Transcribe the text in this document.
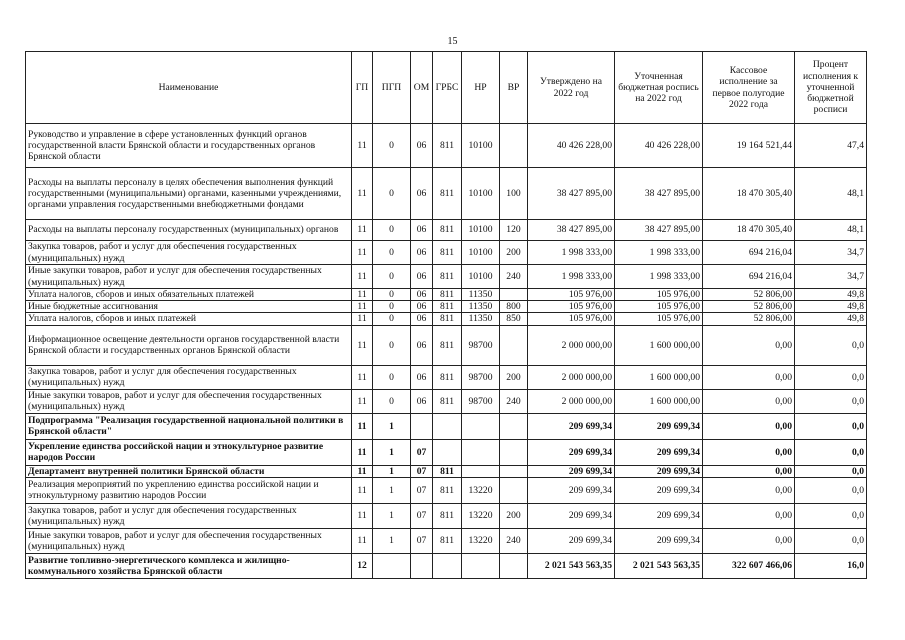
15
Наименование	ГП	ПГП	ОМ	ГРБС	НР	ВР	Утверждено на 2022 год	Уточненная бюджетная роспись на 2022 год	Кассовое исполнение за первое полугодие 2022 года	Процент исполнения к уточненной бюджетной росписи
Руководство и управление в сфере установленных функций органов государственной власти Брянской области и государственных органов Брянской области	11	0	06	811	10100		40 426 228,00	40 426 228,00	19 164 521,44	47,4
Расходы на выплаты персоналу в целях обеспечения выполнения функций государственными (муниципальными) органами, казенными учреждениями, органами управления государственными внебюджетными фондами	11	0	06	811	10100	100	38 427 895,00	38 427 895,00	18 470 305,40	48,1
Расходы на выплаты персоналу государственных (муниципальных) органов	11	0	06	811	10100	120	38 427 895,00	38 427 895,00	18 470 305,40	48,1
Закупка товаров, работ и услуг для обеспечения государственных (муниципальных) нужд	11	0	06	811	10100	200	1 998 333,00	1 998 333,00	694 216,04	34,7
Иные закупки товаров, работ и услуг для обеспечения государственных (муниципальных) нужд	11	0	06	811	10100	240	1 998 333,00	1 998 333,00	694 216,04	34,7
Уплата налогов, сборов и иных обязательных платежей	11	0	06	811	11350		105 976,00	105 976,00	52 806,00	49,8
Иные бюджетные ассигнования	11	0	06	811	11350	800	105 976,00	105 976,00	52 806,00	49,8
Уплата налогов, сборов и иных платежей	11	0	06	811	11350	850	105 976,00	105 976,00	52 806,00	49,8
Информационное освещение деятельности органов государственной власти Брянской области и государственных органов Брянской области	11	0	06	811	98700		2 000 000,00	1 600 000,00	0,00	0,0
Закупка товаров, работ и услуг для обеспечения государственных (муниципальных) нужд	11	0	06	811	98700	200	2 000 000,00	1 600 000,00	0,00	0,0
Иные закупки товаров, работ и услуг для обеспечения государственных (муниципальных) нужд	11	0	06	811	98700	240	2 000 000,00	1 600 000,00	0,00	0,0
Подпрограмма "Реализация государственной национальной политики в Брянской области"	11	1					209 699,34	209 699,34	0,00	0,0
Укрепление единства российской нации и этнокультурное развитие народов России	11	1	07				209 699,34	209 699,34	0,00	0,0
Департамент внутренней политики Брянской области	11	1	07	811			209 699,34	209 699,34	0,00	0,0
Реализация мероприятий по укреплению единства российской нации и этнокультурному развитию народов России	11	1	07	811	13220		209 699,34	209 699,34	0,00	0,0
Закупка товаров, работ и услуг для обеспечения государственных (муниципальных) нужд	11	1	07	811	13220	200	209 699,34	209 699,34	0,00	0,0
Иные закупки товаров, работ и услуг для обеспечения государственных (муниципальных) нужд	11	1	07	811	13220	240	209 699,34	209 699,34	0,00	0,0
Развитие топливно-энергетического комплекса и жилищно-коммунального хозяйства Брянской области	12						2 021 543 563,35	2 021 543 563,35	322 607 466,06	16,0
